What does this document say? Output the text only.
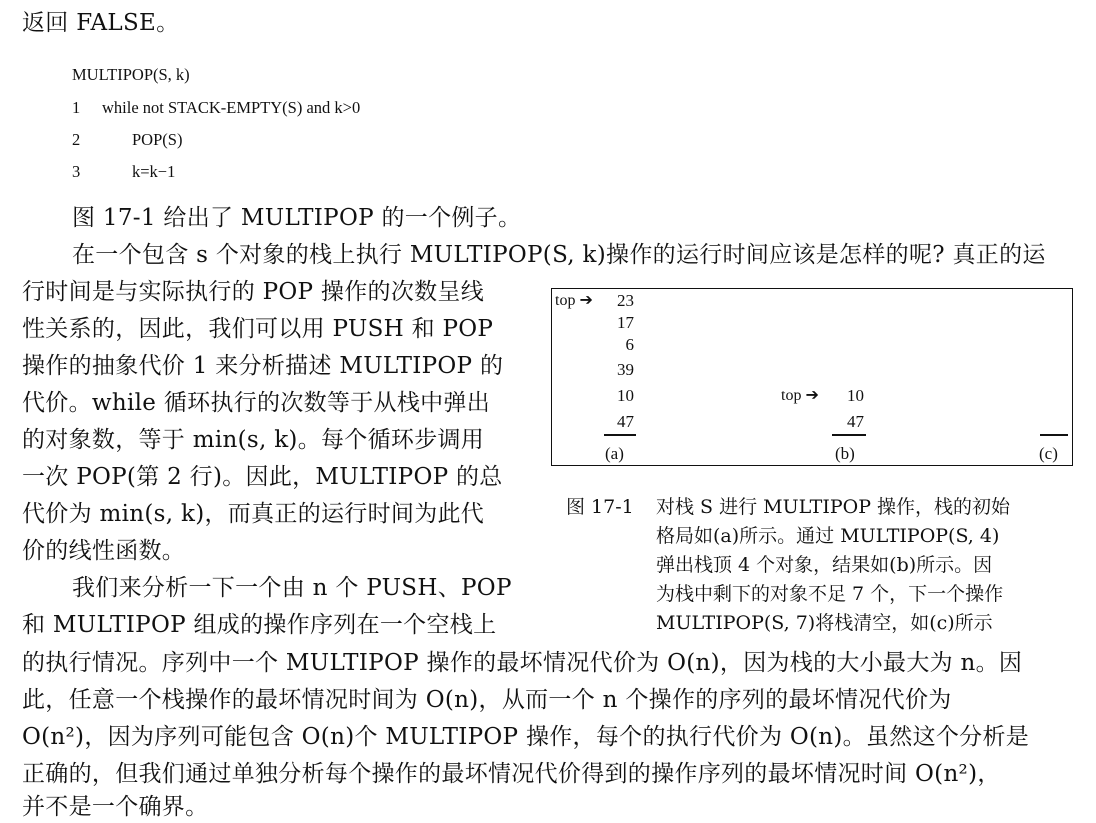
返回 FALSE。
MULTIPOP(S, k)
1 while not STACK-EMPTY(S) and k>0
2	POP(S)
3	k=k−1
图 17-1 给出了 MULTIPOP 的一个例子。
在一个包含 s 个对象的栈上执行 MULTIPOP(S, k)操作的运行时间应该是怎样的呢? 真正的运
行时间是与实际执行的 POP 操作的次数呈线
性关系的，因此，我们可以用 PUSH 和 POP
操作的抽象代价 1 来分析描述 MULTIPOP 的
代价。while 循环执行的次数等于从栈中弹出
的对象数，等于 min(s, k)。每个循环步调用
一次 POP(第 2 行)。因此，MULTIPOP 的总
代价为 min(s, k)，而真正的运行时间为此代
价的线性函数。
我们来分析一下一个由 n 个 PUSH、POP
和 MULTIPOP 组成的操作序列在一个空栈上
top ➔	23
17
6
39
10
47
(a)
top ➔	10
47
(b)	(c)
图 17-1 对栈 S 进行 MULTIPOP 操作，栈的初始
格局如(a)所示。通过 MULTIPOP(S, 4)
弹出栈顶 4 个对象，结果如(b)所示。因
为栈中剩下的对象不足 7 个，下一个操作
MULTIPOP(S, 7)将栈清空，如(c)所示
的执行情况。序列中一个 MULTIPOP 操作的最坏情况代价为 O(n)，因为栈的大小最大为 n。因
此，任意一个栈操作的最坏情况时间为 O(n)，从而一个 n 个操作的序列的最坏情况代价为
O(n²)，因为序列可能包含 O(n)个 MULTIPOP 操作，每个的执行代价为 O(n)。虽然这个分析是
正确的，但我们通过单独分析每个操作的最坏情况代价得到的操作序列的最坏情况时间 O(n²)，
并不是一个确界。
